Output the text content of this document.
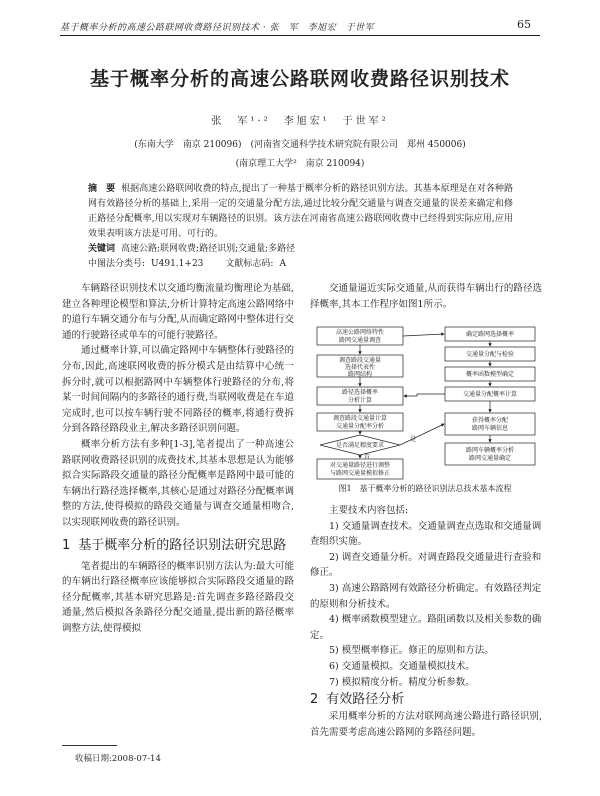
基于概率分析的高速公路联网收费路径识别技术 · 张　军　李旭宏　于世军	65
基于概率分析的高速公路联网收费路径识别技术
张　军¹·²　李旭宏¹　于世军²
(东南大学　南京 210096)　(河南省交通科学技术研究院有限公司　郑州 450006)
(南京理工大学²　南京 210094)
摘　要 根据高速公路联网收费的特点,提出了一种基于概率分析的路径识别方法。其基本原理是在对各种路网有效路径分析的基础上,采用一定的交通量分配方法,通过比较分配交通量与调查交通量的误差来确定和修正路径分配概率,用以实现对车辆路径的识别。该方法在河南省高速公路联网收费中已经得到实际应用,应用效果表明该方法是可用、可行的。
关键词 高速公路;联网收费;路径识别;交通量;多路径
中图法分类号: U491.1+23 文献标志码: A

车辆路径识别技术以交通均衡流量均衡理论为基础,建立各种理论模型和算法,分析计算特定高速公路网络中的道行车辆交通分布与分配,从而确定路网中整体进行交通的行驶路径或单车的可能行驶路径。

通过概率计算,可以确定路网中车辆整体行驶路径的分布,因此,高速联网收费的拆分模式是由结算中心统一拆分时,就可以根据路网中车辆整体行驶路径的分布,将某一时间间隔内的多路径的通行费,当联网收费是在车道完成时,也可以按车辆行驶不同路径的概率,将通行费拆分到各路径路段业主,解决多路径识别问题。

概率分析方法有多种[1-3],笔者提出了一种高速公路联网收费路径识别的成费技术,其基本思想是认为能够拟合实际路段交通量的路径分配概率是路网中最可能的车辆出行路径选择概率,其核心是通过对路径分配概率调整的方法,使得模拟的路段交通量与调查交通量相吻合,以实现联网收费的路径识别。

1 基于概率分析的路径识别法研究思路

笔者提出的车辆路径的概率识别方法认为:最大可能的车辆出行路径概率应该能够拟合实际路段交通量的路径分配概率,其基本研究思路是:首先调查多路径路段交通量,然后模拟各条路径分配交通量,提出新的路径概率调整方法,使得模拟

交通量逼近实际交通量,从而获得车辆出行的路径选择概率,其本工作程序如图1所示。

高速公路网络特性
路网交通量调查
调查路段交通量
选择代表性
路网结构
路径选择概率
分析计算
调查路段交通量计算
交通量分配率分析
是否满足精度要求
对交通量路径进行调整
与路网交通量模拟修正
确定路网选择概率
交通量分配与检验
概率函数模型确定
交通量分配概率计算
获得概率分配
路网车辆信息
路网车辆概率分析
路网交通量确定
是
否
图1　基于概率分析的路径识别法总技术基本流程
主要技术内容包括:
1) 交通量调查技术。交通量调查点选取和交通量调查组织实施。
2) 调查交通量分析。对调查路段交通量进行查验和修正。
3) 高速公路路网有效路径分析确定。有效路径判定的原则和分析技术。
4) 概率函数模型建立。路阻函数以及相关参数的确定。
5) 模型概率修正。修正的原则和方法。
6) 交通量模拟。交通量模拟技术。
7) 模拟精度分析。精度分析参数。
2 有效路径分析
采用概率分析的方法对联网高速公路进行路径识别,首先需要考虑高速公路网的多路径问题。
收稿日期:2008-07-14
